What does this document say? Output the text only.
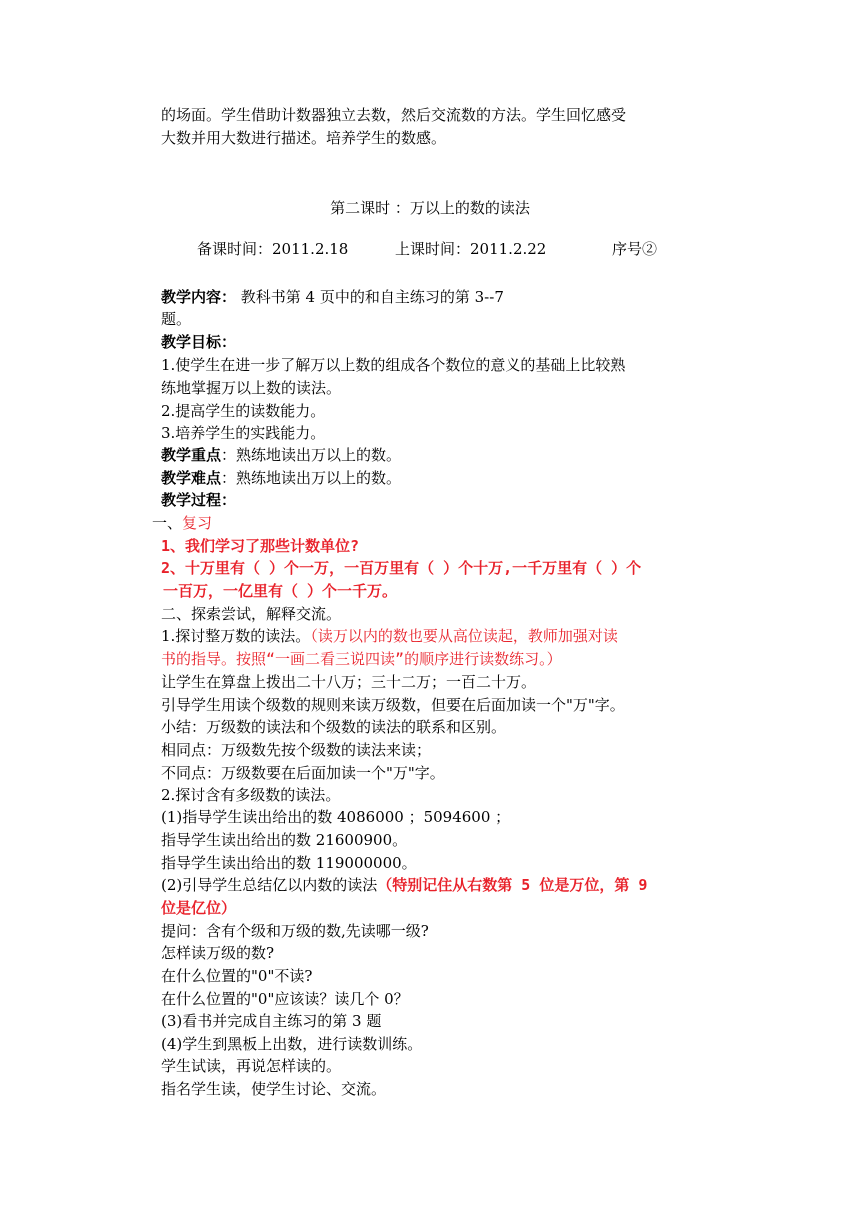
的场面。学生借助计数器独立去数，然后交流数的方法。学生回忆感受
大数并用大数进行描述。培养学生的数感。
第二课时 ：万以上的数的读法
备课时间：2011.2.18	上课时间：2011.2.22	序号②
教学内容： 教科书第 4 页中的和自主练习的第 3--7
题。
教学目标：
1.使学生在进一步了解万以上数的组成各个数位的意义的基础上比较熟
练地掌握万以上数的读法。
2.提高学生的读数能力。
3.培养学生的实践能力。
教学重点：熟练地读出万以上的数。
教学难点：熟练地读出万以上的数。
教学过程：
一、复习
1、我们学习了那些计数单位?
2、十万里有（ ）个一万，一百万里有（ ）个十万,一千万里有（ ）个
一百万，一亿里有（ ）个一千万。
二、探索尝试，解释交流。
1.探讨整万数的读法。（读万以内的数也要从高位读起，教师加强对读
书的指导。按照“一画二看三说四读”的顺序进行读数练习。）
让学生在算盘上拨出二十八万；三十二万；一百二十万。
引导学生用读个级数的规则来读万级数，但要在后面加读一个"万"字。
小结：万级数的读法和个级数的读法的联系和区别。
相同点：万级数先按个级数的读法来读；
不同点：万级数要在后面加读一个"万"字。
2.探讨含有多级数的读法。
(1)指导学生读出给出的数 4086000 ；5094600 ；
指导学生读出给出的数 21600900。
指导学生读出给出的数 119000000。
(2)引导学生总结亿以内数的读法（特别记住从右数第 5 位是万位，第 9
位是亿位）
提问：含有个级和万级的数,先读哪一级?
怎样读万级的数?
在什么位置的"0"不读?
在什么位置的"0"应该读？读几个 0？
(3)看书并完成自主练习的第 3 题
(4)学生到黑板上出数，进行读数训练。
学生试读，再说怎样读的。
指名学生读，使学生讨论、交流。
